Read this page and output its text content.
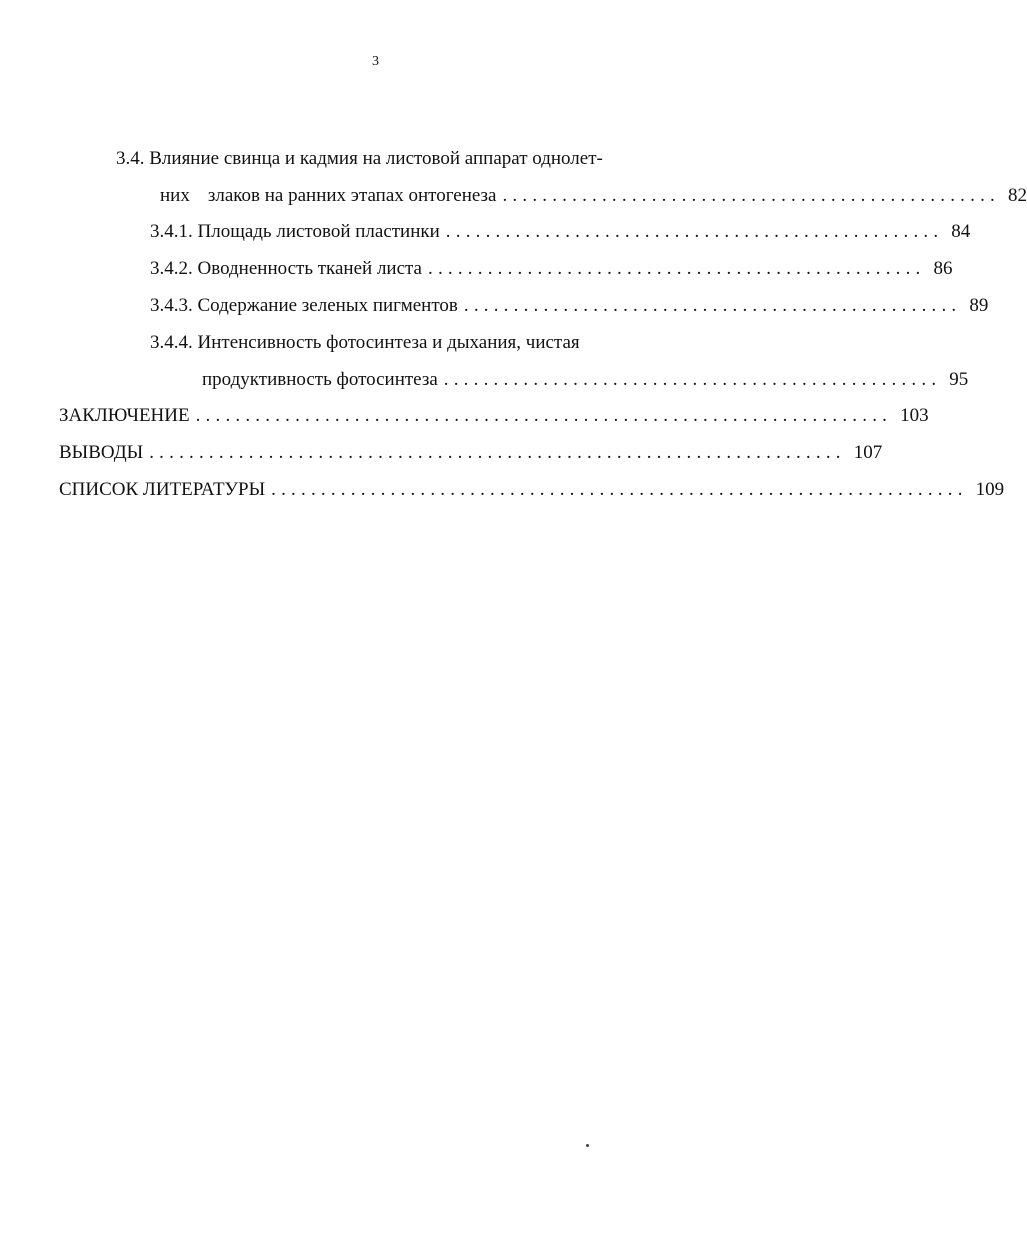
3
3.4. Влияние свинца и кадмия на листовой аппарат однолет-
них злаков на ранних этапах онтогенеза .................................................. 82
3.4.1. Площадь листовой пластинки .................................................. 84
3.4.2. Оводненность тканей листа .................................................. 86
3.4.3. Содержание зеленых пигментов .................................................. 89
3.4.4. Интенсивность фотосинтеза и дыхания, чистая
продуктивность фотосинтеза .................................................. 95
ЗАКЛЮЧЕНИЕ ...................................................................... 103
ВЫВОДЫ ...................................................................... 107
СПИСОК ЛИТЕРАТУРЫ ...................................................................... 109
